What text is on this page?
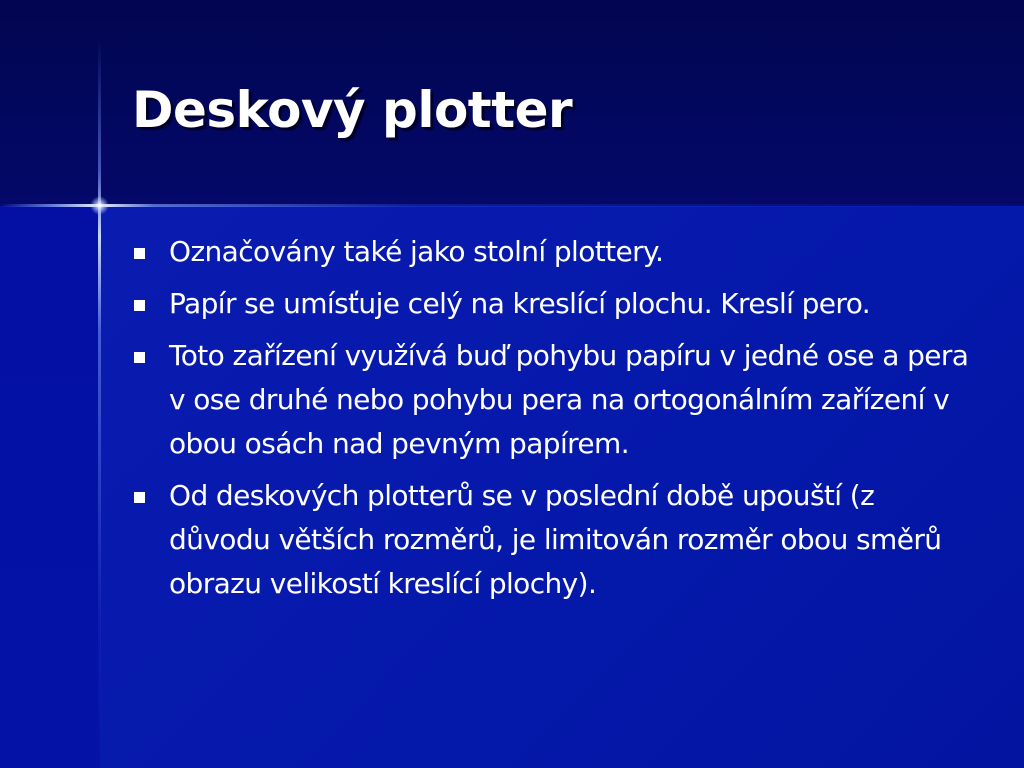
Deskový plotter
Označovány také jako stolní plottery.
Papír se umísťuje celý na kreslící plochu. Kreslí pero.
Toto zařízení využívá buď pohybu papíru v jedné ose a pera v ose druhé nebo pohybu pera na ortogonálním zařízení v obou osách nad pevným papírem.
Od deskových plotterů se v poslední době upouští (z důvodu větších rozměrů, je limitován rozměr obou směrů obrazu velikostí kreslící plochy).
